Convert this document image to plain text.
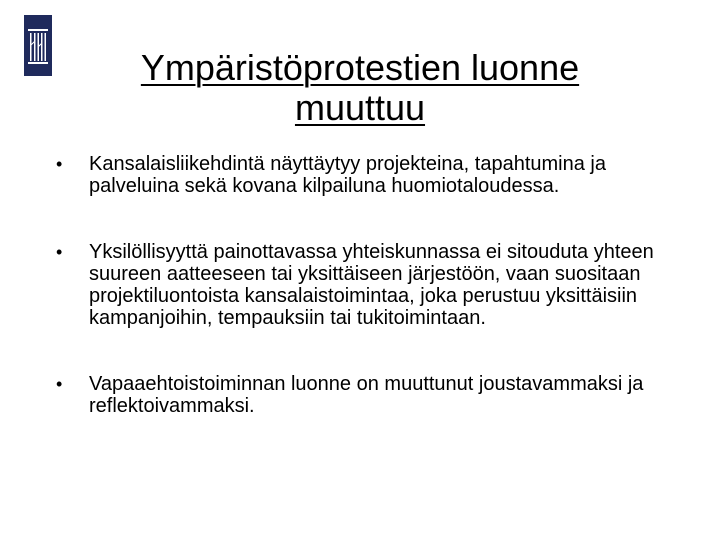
Ympäristöprotestien luonne muuttuu
• Kansalaisliikehdintä näyttäytyy projekteina, tapahtumina ja palveluina sekä kovana kilpailuna huomiotaloudessa.
• Yksilöllisyyttä painottavassa yhteiskunnassa ei sitouduta yhteen suureen aatteeseen tai yksittäiseen järjestöön, vaan suositaan projektiluontoista kansalaistoimintaa, joka perustuu yksittäisiin kampanjoihin, tempauksiin tai tukitoimintaan.
• Vapaaehtoistoiminnan luonne on muuttunut joustavammaksi ja reflektoivammaksi.
